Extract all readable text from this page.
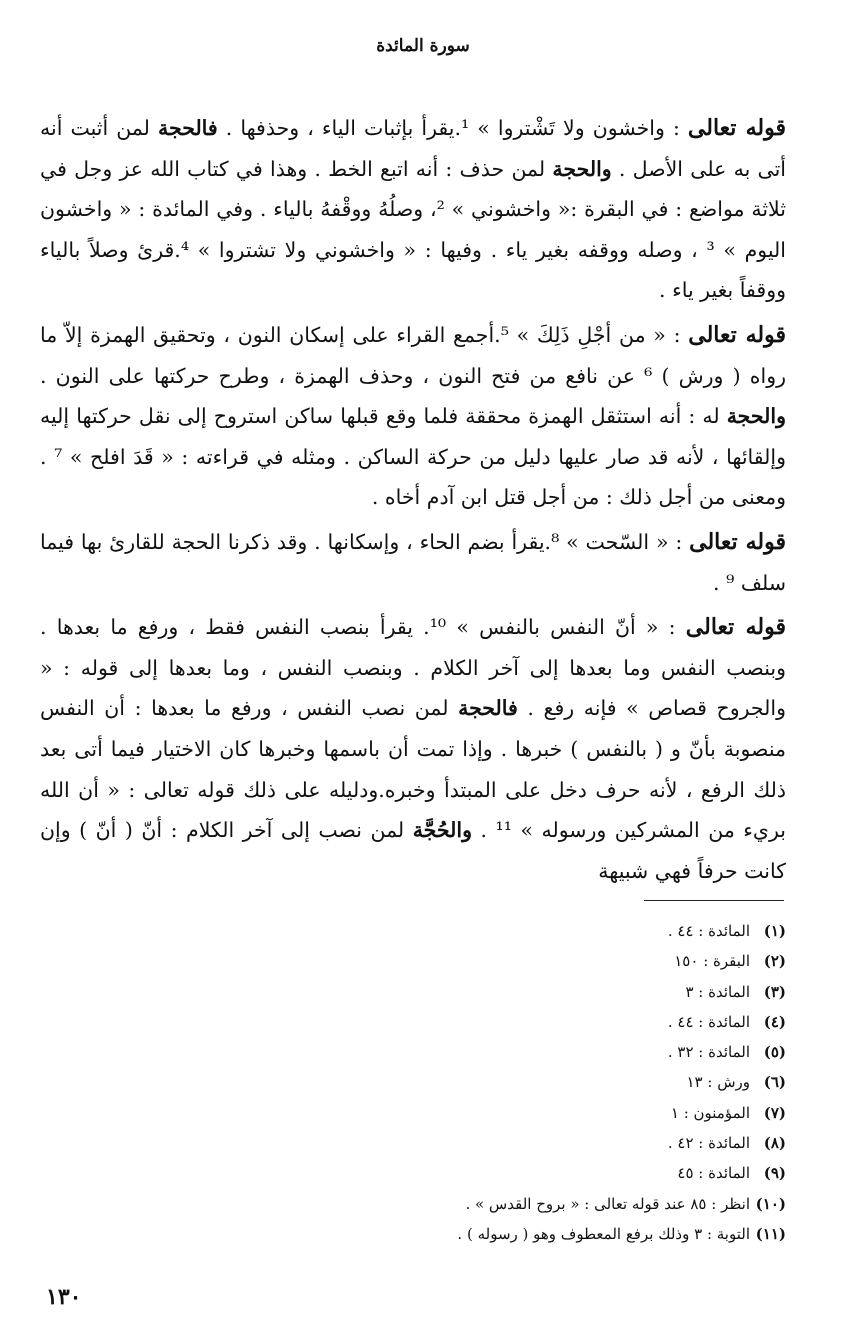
سورة المائدة

قوله تعالى : واخشون ولا تَشْتروا » ¹.يقرأ بإثبات الياء ، وحذفها . فالحجة لمن أثبت أنه أتى به على الأصل . والحجة لمن حذف : أنه اتبع الخط . وهذا في كتاب الله عز وجل في ثلاثة مواضع : في البقرة :« واخشوني » ²، وصلُهُ ووقْفهُ بالياء . وفي المائدة : « واخشون اليوم » ³ ، وصله ووقفه بغير ياء . وفيها : « واخشوني ولا تشتروا » ⁴.قرئ وصلاً بالياء ووقفاً بغير ياء .

قوله تعالى : « من أجْلِ ذَلِكَ » ⁵.أجمع القراء على إسكان النون ، وتحقيق الهمزة إلاّ ما رواه ( ورش ) ⁶ عن نافع من فتح النون ، وحذف الهمزة ، وطرح حركتها على النون . والحجة له : أنه استثقل الهمزة محققة فلما وقع قبلها ساكن استروح إلى نقل حركتها إليه وإلقائها ، لأنه قد صار عليها دليل من حركة الساكن . ومثله في قراءته : « قَدَ افلح » ⁷ . ومعنى من أجل ذلك : من أجل قتل ابن آدم أخاه .

قوله تعالى : « السّحت » ⁸.يقرأ بضم الحاء ، وإسكانها . وقد ذكرنا الحجة للقارئ بها فيما سلف ⁹ .

قوله تعالى : « أنّ النفس بالنفس » ¹⁰. يقرأ بنصب النفس فقط ، ورفع ما بعدها . وبنصب النفس وما بعدها إلى آخر الكلام . وبنصب النفس ، وما بعدها إلى قوله : « والجروح قصاص » فإنه رفع . فالحجة لمن نصب النفس ، ورفع ما بعدها : أن النفس منصوبة بأنّ و ( بالنفس ) خبرها . وإذا تمت أن باسمها وخبرها كان الاختيار فيما أتى بعد ذلك الرفع ، لأنه حرف دخل على المبتدأ وخبره.ودليله على ذلك قوله تعالى : « أن الله بريء من المشركين ورسوله » ¹¹ . والحُجَّة لمن نصب إلى آخر الكلام : أنّ ( أنّ ) وإن كانت حرفاً فهي شبيهة

(١)المائدة : ٤٤ .
(٢)البقرة : ١٥٠
(٣)المائدة : ٣
(٤)المائدة : ٤٤ .
(٥)المائدة : ٣٢ .
(٦)ورش : ١٣
(٧)المؤمنون : ١
(٨)المائدة : ٤٢ .
(٩)المائدة : ٤٥
(١٠)انظر : ٨٥ عند قوله تعالى : « بروح القدس » .
(١١)التوبة : ٣ وذلك برفع المعطوف وهو ( رسوله ) .
١٣٠
